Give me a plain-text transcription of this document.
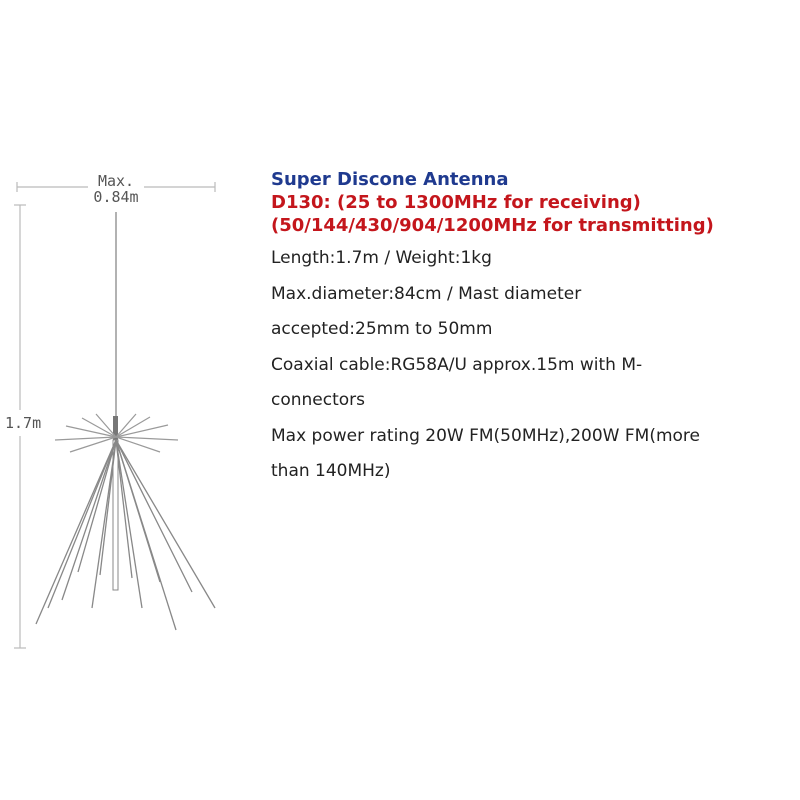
Max.
0.84m
1.7m
Super Discone Antenna
D130: (25 to 1300MHz for receiving)
(50/144/430/904/1200MHz for transmitting)
Length:1.7m / Weight:1kg
Max.diameter:84cm / Mast diameter
accepted:25mm to 50mm
Coaxial cable:RG58A/U approx.15m with M-
connectors
Max power rating 20W FM(50MHz),200W FM(more
than 140MHz)
